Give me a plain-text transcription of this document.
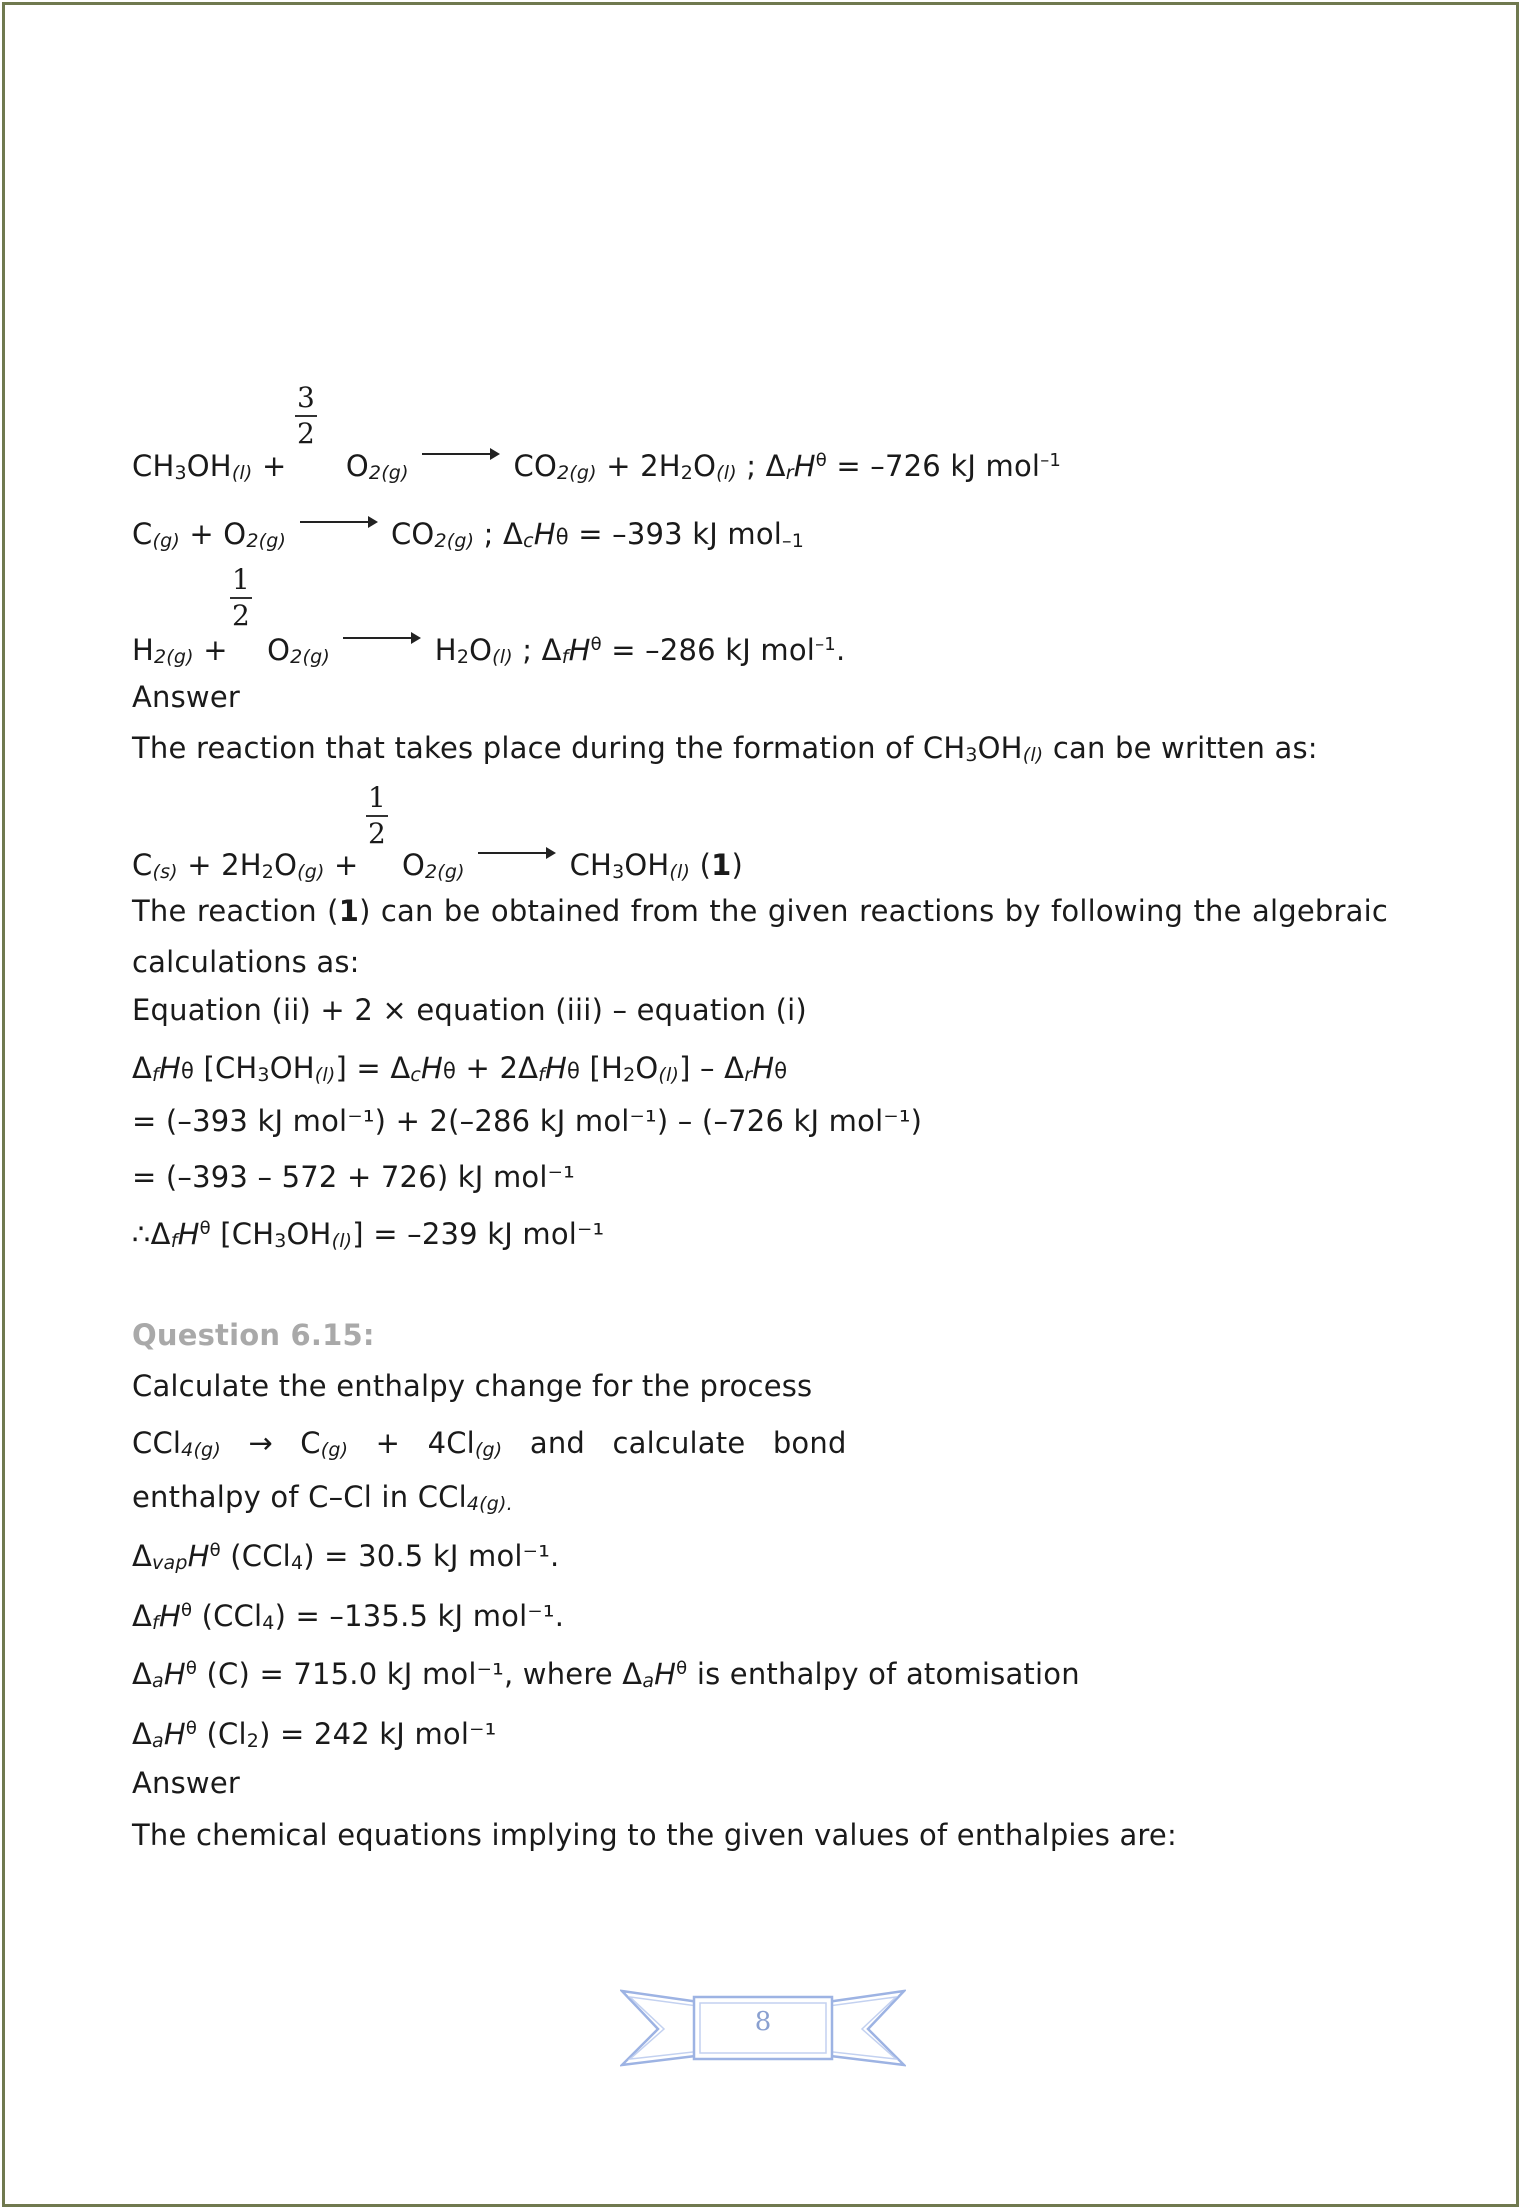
3
2
CH3OH(l) + O2(g)	CO2(g) + 2H2O(l) ; ΔrH$^\theta$ = –726 kJ mol$^{-1}$
C(g) + O2(g)	CO2(g) ; ΔcHθ = –393 kJ mol–1
1
2
H2(g) + O2(g)	H2O(l) ; ΔfH$^\theta$ = –286 kJ mol$^{-1}$.
Answer
The reaction that takes place during the formation of CH3OH(l) can be written as:
1
2
C(s) + 2H2O(g) + O2(g)	CH3OH(l) (1)
The reaction (1) can be obtained from the given reactions by following the algebraic
calculations as:
Equation (ii) + 2 × equation (iii) – equation (i)
ΔfHθ [CH3OH(l)] = ΔcHθ + 2ΔfHθ [H2O(l)] – ΔrHθ
= (–393 kJ mol⁻¹) + 2(–286 kJ mol⁻¹) – (–726 kJ mol⁻¹)
= (–393 – 572 + 726) kJ mol⁻¹
∴ΔfH$^\theta$ [CH3OH(l)] = –239 kJ mol⁻¹
Question 6.15:
Calculate the enthalpy change for the process
CCl4(g) → C(g) + 4Cl(g) and calculate bond
enthalpy of C–Cl in CCl4(g).
ΔvapH$^\theta$ (CCl4) = 30.5 kJ mol⁻¹.
ΔfH$^\theta$ (CCl4) = –135.5 kJ mol⁻¹.
ΔaH$^\theta$ (C) = 715.0 kJ mol⁻¹, where ΔaH$^\theta$ is enthalpy of atomisation
ΔaH$^\theta$ (Cl2) = 242 kJ mol⁻¹
Answer
The chemical equations implying to the given values of enthalpies are:
8
